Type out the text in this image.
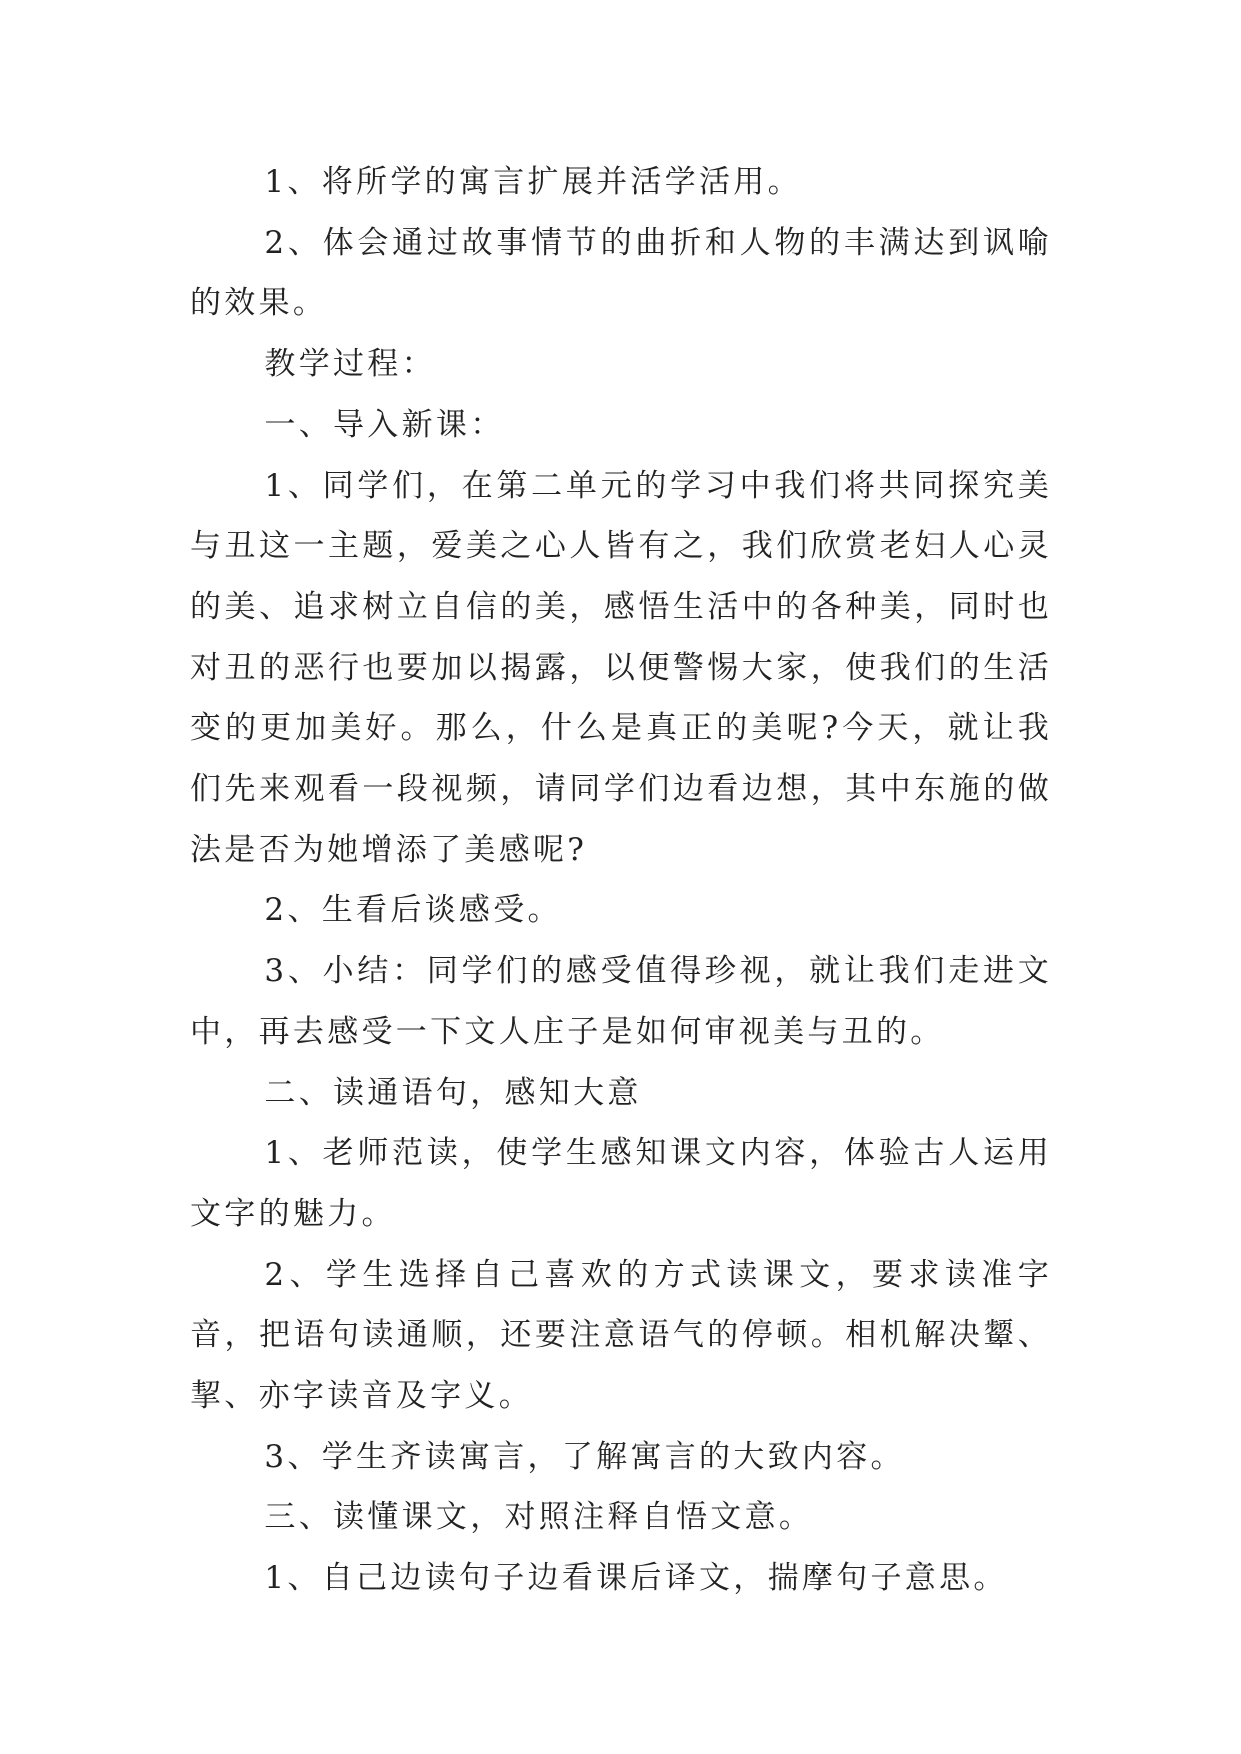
1、将所学的寓言扩展并活学活用。

2、体会通过故事情节的曲折和人物的丰满达到讽喻的效果。

教学过程：

一、导入新课：

1、同学们，在第二单元的学习中我们将共同探究美与丑这一主题，爱美之心人皆有之，我们欣赏老妇人心灵的美、追求树立自信的美，感悟生活中的各种美，同时也对丑的恶行也要加以揭露，以便警惕大家，使我们的生活变的更加美好。那么，什么是真正的美呢?今天，就让我们先来观看一段视频，请同学们边看边想，其中东施的做法是否为她增添了美感呢?

2、生看后谈感受。

3、小结：同学们的感受值得珍视，就让我们走进文中，再去感受一下文人庄子是如何审视美与丑的。

二、读通语句，感知大意

1、老师范读，使学生感知课文内容，体验古人运用文字的魅力。

2、学生选择自己喜欢的方式读课文，要求读准字音，把语句读通顺，还要注意语气的停顿。相机解决颦、挈、亦字读音及字义。

3、学生齐读寓言，了解寓言的大致内容。

三、读懂课文，对照注释自悟文意。

1、自己边读句子边看课后译文，揣摩句子意思。
